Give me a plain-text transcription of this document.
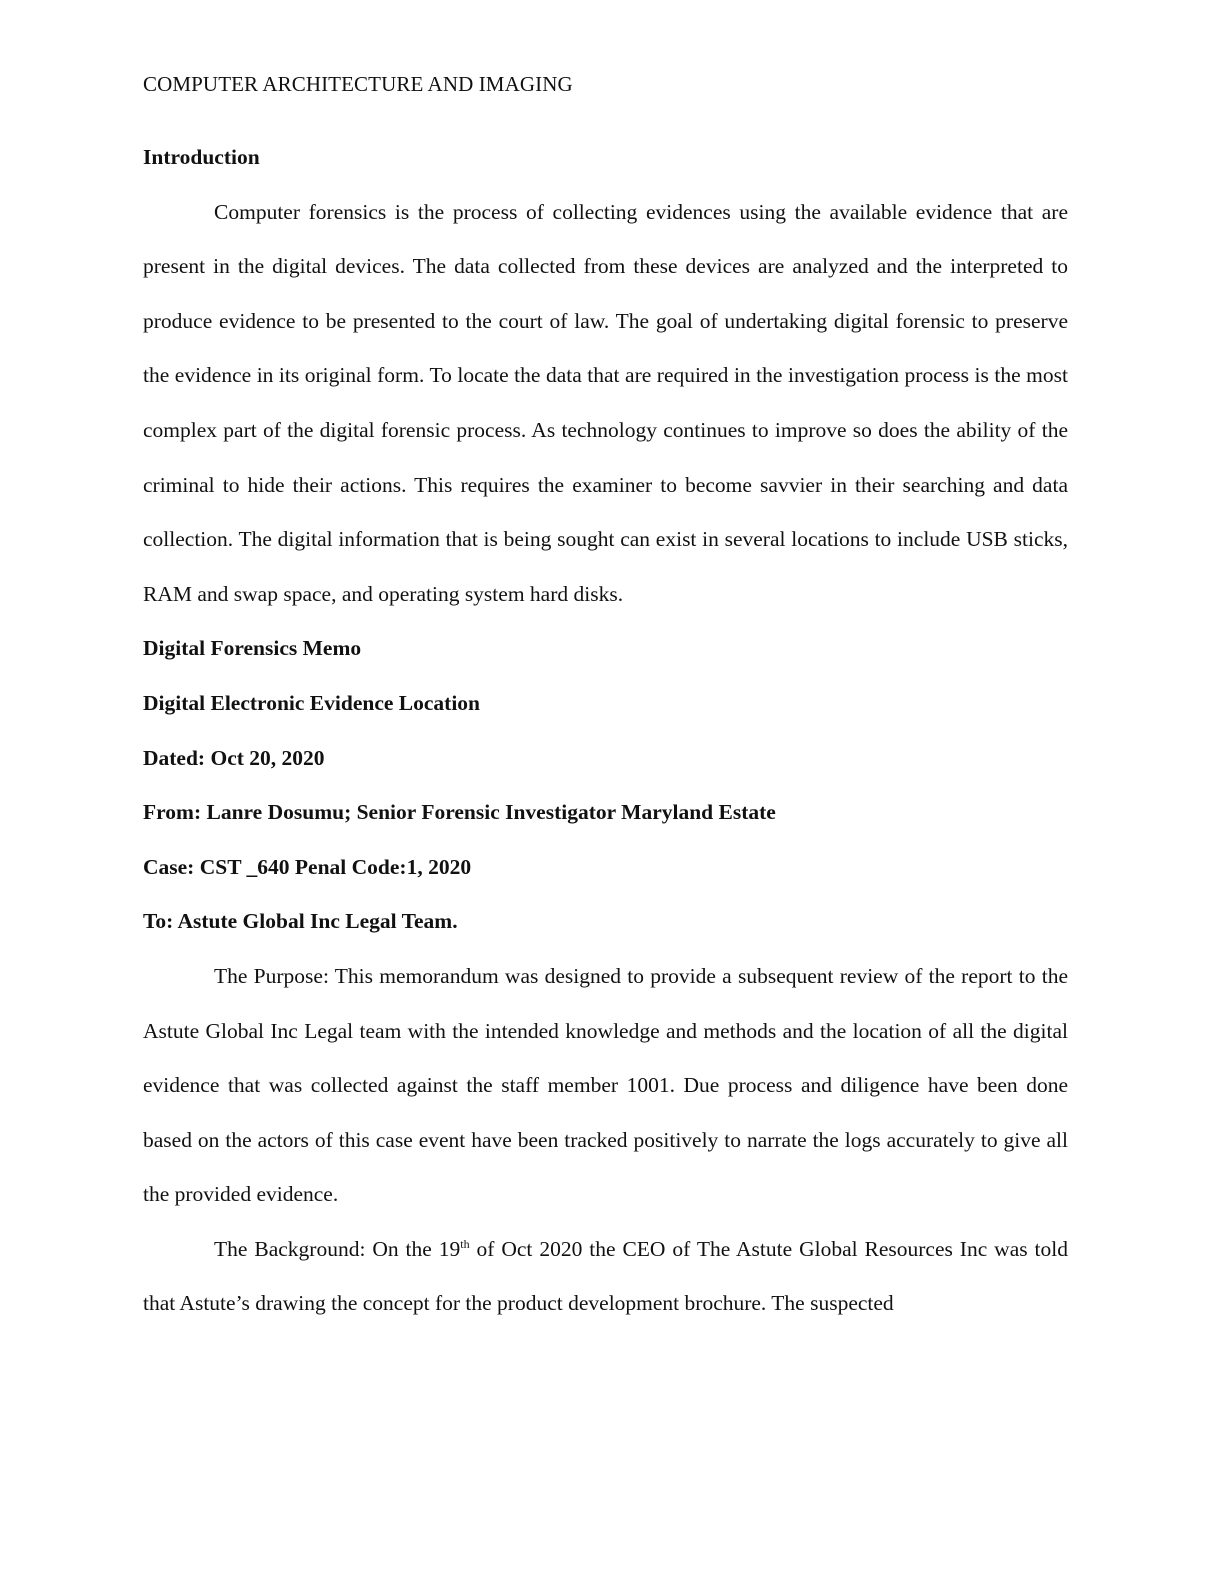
COMPUTER ARCHITECTURE AND IMAGING

Introduction

Computer forensics is the process of collecting evidences using the available evidence that are present in the digital devices. The data collected from these devices are analyzed and the interpreted to produce evidence to be presented to the court of law. The goal of undertaking digital forensic to preserve the evidence in its original form. To locate the data that are required in the investigation process is the most complex part of the digital forensic process. As technology continues to improve so does the ability of the criminal to hide their actions. This requires the examiner to become savvier in their searching and data collection. The digital information that is being sought can exist in several locations to include USB sticks, RAM and swap space, and operating system hard disks.

Digital Forensics Memo

Digital Electronic Evidence Location

Dated: Oct 20, 2020

From: Lanre Dosumu; Senior Forensic Investigator Maryland Estate

Case: CST _640 Penal Code:1, 2020

To: Astute Global Inc Legal Team.

The Purpose: This memorandum was designed to provide a subsequent review of the report to the Astute Global Inc Legal team with the intended knowledge and methods and the location of all the digital evidence that was collected against the staff member 1001. Due process and diligence have been done based on the actors of this case event have been tracked positively to narrate the logs accurately to give all the provided evidence.

The Background: On the 19th of Oct 2020 the CEO of The Astute Global Resources Inc was told that Astute’s drawing the concept for the product development brochure. The suspected
